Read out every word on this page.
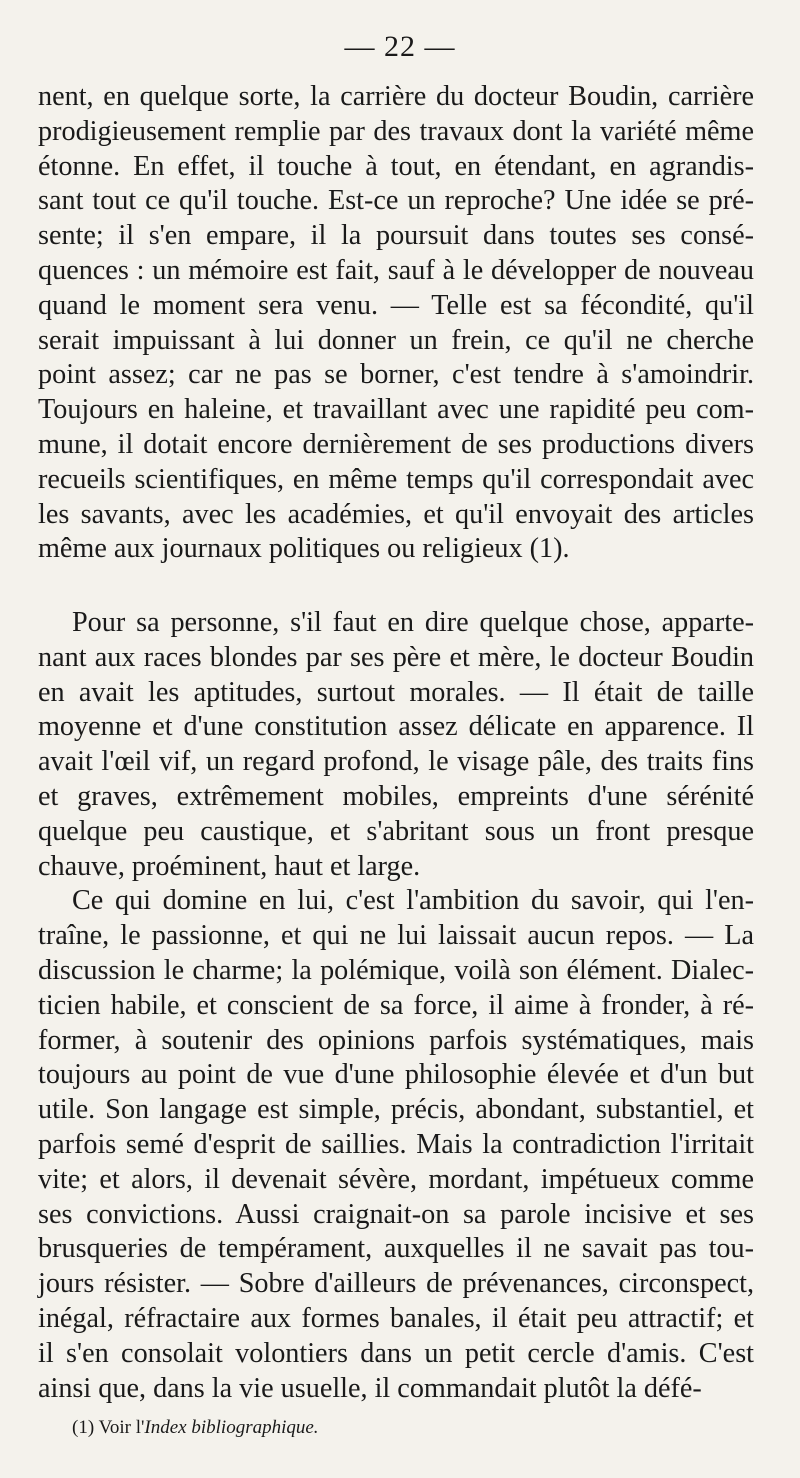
— 22 —
nent, en quelque sorte, la carrière du docteur Boudin, carrière
prodigieusement remplie par des travaux dont la variété même
étonne. En effet, il touche à tout, en étendant, en agrandis-
sant tout ce qu'il touche. Est-ce un reproche? Une idée se pré-
sente; il s'en empare, il la poursuit dans toutes ses consé-
quences : un mémoire est fait, sauf à le développer de nouveau
quand le moment sera venu. — Telle est sa fécondité, qu'il
serait impuissant à lui donner un frein, ce qu'il ne cherche
point assez; car ne pas se borner, c'est tendre à s'amoindrir.
Toujours en haleine, et travaillant avec une rapidité peu com-
mune, il dotait encore dernièrement de ses productions divers
recueils scientifiques, en même temps qu'il correspondait avec
les savants, avec les académies, et qu'il envoyait des articles
même aux journaux politiques ou religieux (1).
Pour sa personne, s'il faut en dire quelque chose, apparte-
nant aux races blondes par ses père et mère, le docteur Boudin
en avait les aptitudes, surtout morales. — Il était de taille
moyenne et d'une constitution assez délicate en apparence. Il
avait l'œil vif, un regard profond, le visage pâle, des traits fins
et graves, extrêmement mobiles, empreints d'une sérénité
quelque peu caustique, et s'abritant sous un front presque
chauve, proéminent, haut et large.
Ce qui domine en lui, c'est l'ambition du savoir, qui l'en-
traîne, le passionne, et qui ne lui laissait aucun repos. — La
discussion le charme; la polémique, voilà son élément. Dialec-
ticien habile, et conscient de sa force, il aime à fronder, à ré-
former, à soutenir des opinions parfois systématiques, mais
toujours au point de vue d'une philosophie élevée et d'un but
utile. Son langage est simple, précis, abondant, substantiel, et
parfois semé d'esprit de saillies. Mais la contradiction l'irritait
vite; et alors, il devenait sévère, mordant, impétueux comme
ses convictions. Aussi craignait-on sa parole incisive et ses
brusqueries de tempérament, auxquelles il ne savait pas tou-
jours résister. — Sobre d'ailleurs de prévenances, circonspect,
inégal, réfractaire aux formes banales, il était peu attractif; et
il s'en consolait volontiers dans un petit cercle d'amis. C'est
ainsi que, dans la vie usuelle, il commandait plutôt la défé-
(1) Voir l'Index bibliographique.
